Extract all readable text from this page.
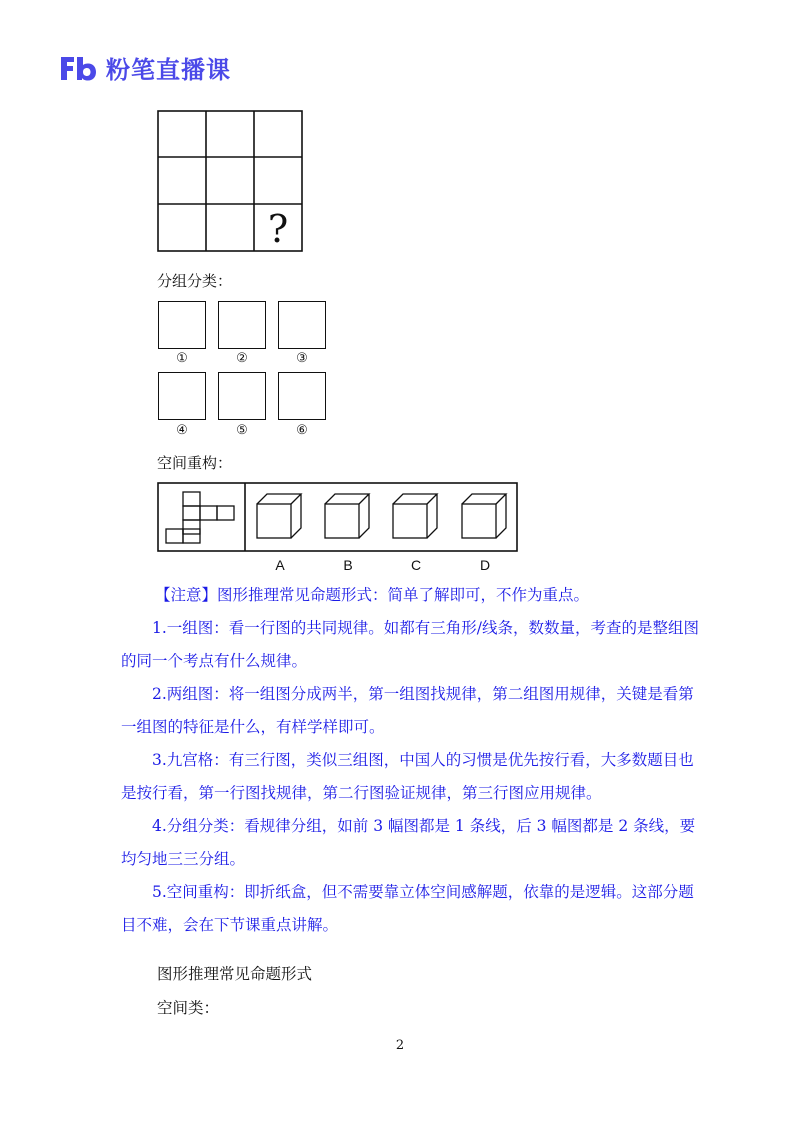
粉笔直播课
?
分组分类：
①	②	③
④	⑤	⑥
空间重构：
A	B	C	D

【注意】图形推理常见命题形式：简单了解即可，不作为重点。

1.一组图：看一行图的共同规律。如都有三角形/线条，数数量，考查的是整组图的同一个考点有什么规律。

2.两组图：将一组图分成两半，第一组图找规律，第二组图用规律，关键是看第一组图的特征是什么，有样学样即可。

3.九宫格：有三行图，类似三组图，中国人的习惯是优先按行看，大多数题目也是按行看，第一行图找规律，第二行图验证规律，第三行图应用规律。

4.分组分类：看规律分组，如前 3 幅图都是 1 条线，后 3 幅图都是 2 条线，要均匀地三三分组。

5.空间重构：即折纸盒，但不需要靠立体空间感解题，依靠的是逻辑。这部分题目不难，会在下节课重点讲解。

图形推理常见命题形式
空间类：
2
